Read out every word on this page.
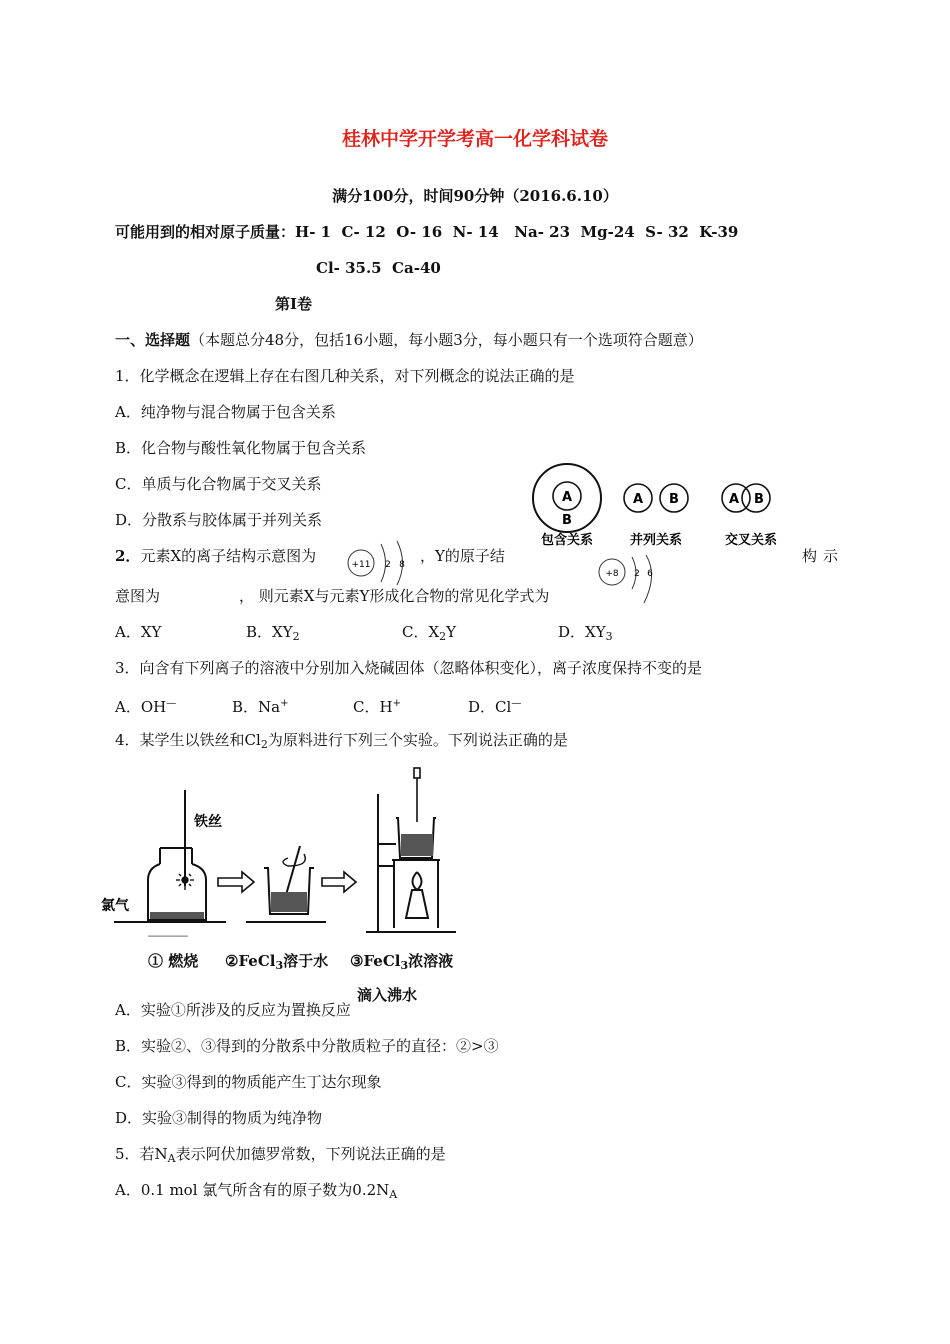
桂林中学开学考高一化学科试卷
满分100分，时间90分钟（2016.6.10）
可能用到的相对原子质量：H- 1  C- 12  O- 16  N- 14   Na- 23  Mg-24  S- 32  K-39
Cl- 35.5  Ca-40
第Ⅰ卷
一、选择题（本题总分48分，包括16小题，每小题3分，每小题只有一个选项符合题意）
1．化学概念在逻辑上存在右图几种关系，对下列概念的说法正确的是
A．纯净物与混合物属于包含关系
B．化合物与酸性氧化物属于包含关系
C．单质与化合物属于交叉关系
D．分散系与胶体属于并列关系
A
B
A B	A B
包含关系	并列关系	交叉关系
2．元素X的离子结构示意图为	+11 2 8 ，Y的原子结	构示
+8 2 6
意图为	， 则元素X与元素Y形成化合物的常见化学式为
A．XY	B．$XY_2$	C．$X_2Y$	D．$XY_3$
3．向含有下列离子的溶液中分别加入烧碱固体（忽略体积变化），离子浓度保持不变的是
A．OH—	B．Na+	C．H+	D．Cl—
4．某学生以铁丝和$Cl_2$为原料进行下列三个实验。下列说法正确的是
铁丝
氯气
──────
① 燃烧 ②FeCl$_3$溶于水 ③FeCl$_3$浓溶液
滴入沸水
A．实验①所涉及的反应为置换反应
B．实验②、③得到的分散系中分散质粒子的直径：②>③
C．实验③得到的物质能产生丁达尔现象
D．实验③制得的物质为纯净物
5．若$N_A$表示阿伏加德罗常数，下列说法正确的是
A．0.1 mol 氯气所含有的原子数为$0.2N_A$
